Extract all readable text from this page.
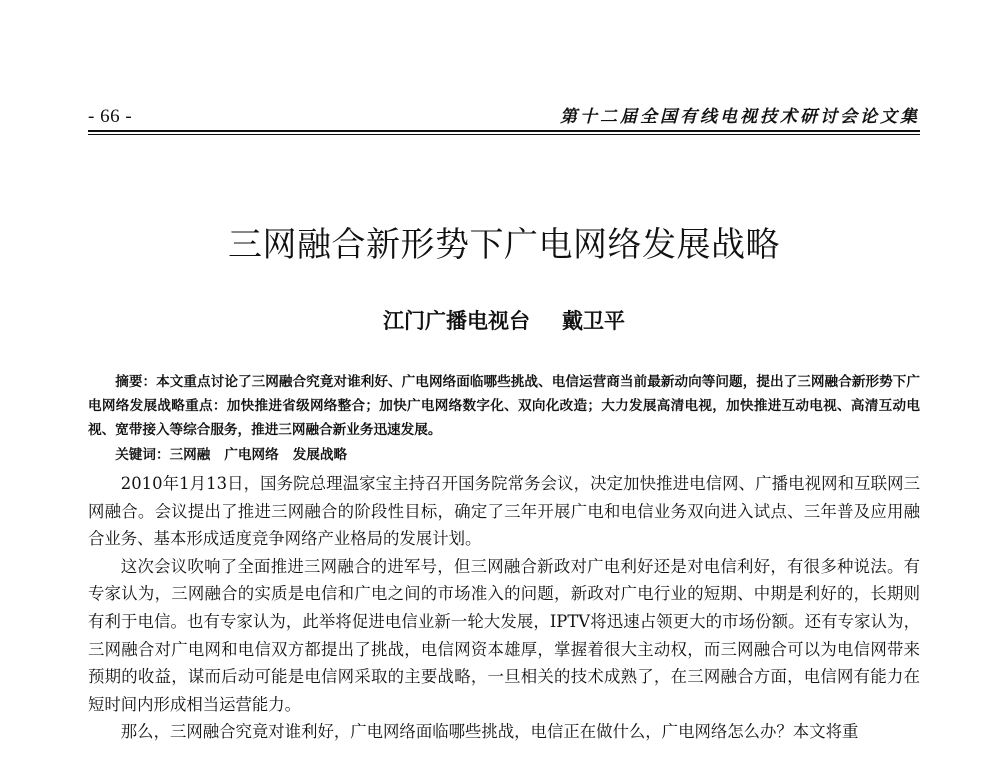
- 66 -	第十二届全国有线电视技术研讨会论文集
三网融合新形势下广电网络发展战略
江门广播电视台 戴卫平
摘要：本文重点讨论了三网融合究竟对谁利好、广电网络面临哪些挑战、电信运营商当前最新动向等问题，提出了三网融合新形势下广电网络发展战略重点：加快推进省级网络整合；加快广电网络数字化、双向化改造；大力发展高清电视，加快推进互动电视、高清互动电视、宽带接入等综合服务，推进三网融合新业务迅速发展。
关键词：三网融 广电网络 发展战略

2010年1月13日，国务院总理温家宝主持召开国务院常务会议，决定加快推进电信网、广播电视网和互联网三网融合。会议提出了推进三网融合的阶段性目标，确定了三年开展广电和电信业务双向进入试点、三年普及应用融合业务、基本形成适度竞争网络产业格局的发展计划。

这次会议吹响了全面推进三网融合的进军号，但三网融合新政对广电利好还是对电信利好，有很多种说法。有专家认为，三网融合的实质是电信和广电之间的市场准入的问题，新政对广电行业的短期、中期是利好的，长期则有利于电信。也有专家认为，此举将促进电信业新一轮大发展，IPTV将迅速占领更大的市场份额。还有专家认为，三网融合对广电网和电信双方都提出了挑战，电信网资本雄厚，掌握着很大主动权，而三网融合可以为电信网带来预期的收益，谋而后动可能是电信网采取的主要战略，一旦相关的技术成熟了，在三网融合方面，电信网有能力在短时间内形成相当运营能力。

那么，三网融合究竟对谁利好，广电网络面临哪些挑战，电信正在做什么，广电网络怎么办？本文将重
